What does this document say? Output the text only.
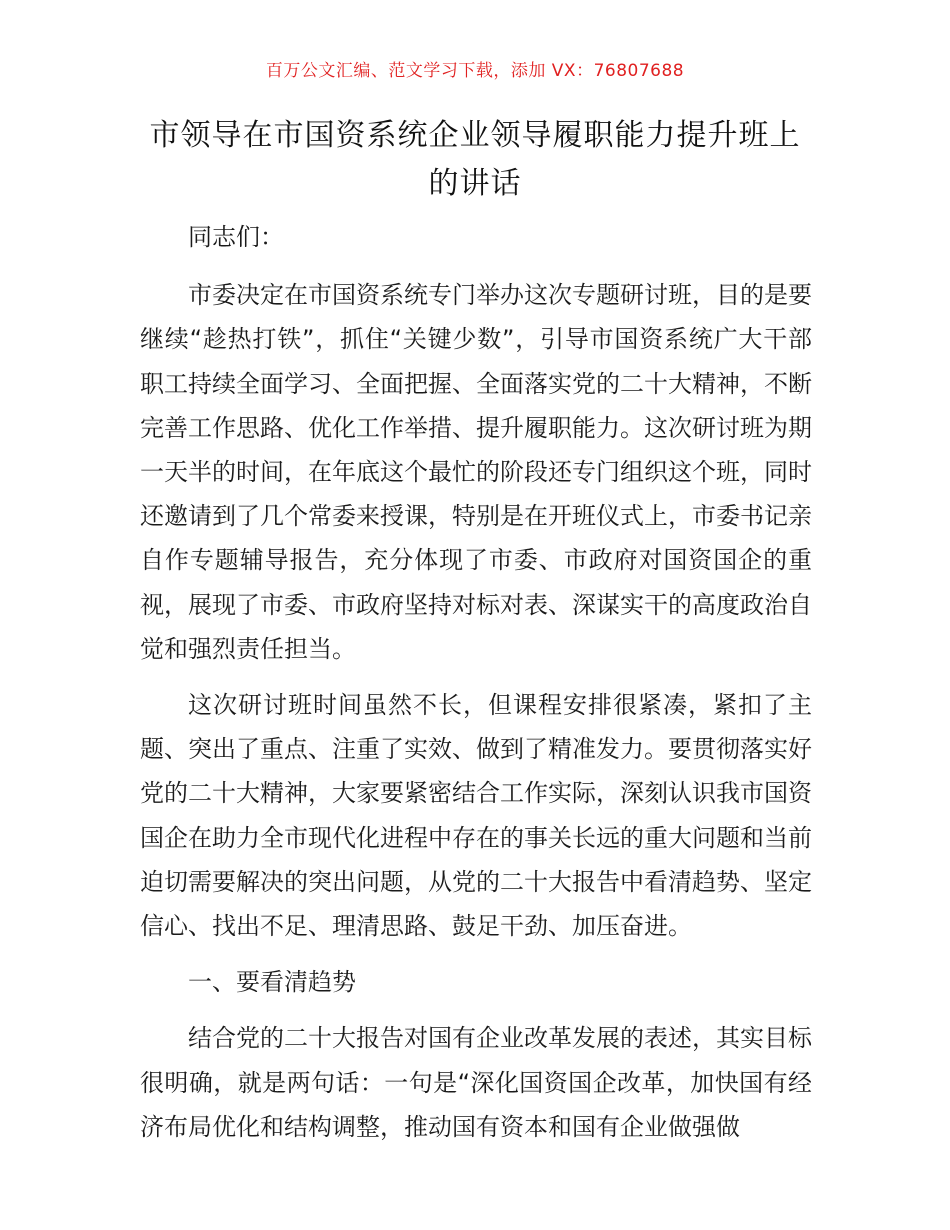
百万公文汇编、范文学习下载，添加 VX：76807688
市领导在市国资系统企业领导履职能力提升班上的讲话

同志们：

市委决定在市国资系统专门举办这次专题研讨班，目的是要继续“趁热打铁”，抓住“关键少数”，引导市国资系统广大干部职工持续全面学习、全面把握、全面落实党的二十大精神，不断完善工作思路、优化工作举措、提升履职能力。这次研讨班为期一天半的时间，在年底这个最忙的阶段还专门组织这个班，同时还邀请到了几个常委来授课，特别是在开班仪式上，市委书记亲自作专题辅导报告，充分体现了市委、市政府对国资国企的重视，展现了市委、市政府坚持对标对表、深谋实干的高度政治自觉和强烈责任担当。

这次研讨班时间虽然不长，但课程安排很紧凑，紧扣了主题、突出了重点、注重了实效、做到了精准发力。要贯彻落实好党的二十大精神，大家要紧密结合工作实际，深刻认识我市国资国企在助力全市现代化进程中存在的事关长远的重大问题和当前迫切需要解决的突出问题，从党的二十大报告中看清趋势、坚定信心、找出不足、理清思路、鼓足干劲、加压奋进。

一、要看清趋势

结合党的二十大报告对国有企业改革发展的表述，其实目标很明确，就是两句话：一句是“深化国资国企改革，加快国有经济布局优化和结构调整，推动国有资本和国有企业做强做
